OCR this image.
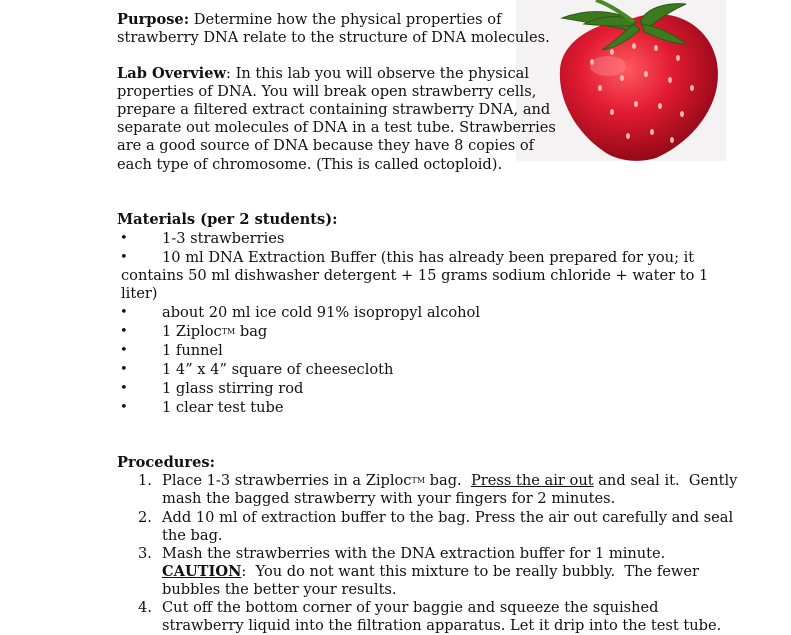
Purpose: Determine how the physical properties of
strawberry DNA relate to the structure of DNA molecules.
Lab Overview: In this lab you will observe the physical
properties of DNA. You will break open strawberry cells,
prepare a filtered extract containing strawberry DNA, and
separate out molecules of DNA in a test tube. Strawberries
are a good source of DNA because they have 8 copies of
each type of chromosome. (This is called octoploid).
Materials (per 2 students):
• 1-3 strawberries
• 10 ml DNA Extraction Buffer (this has already been prepared for you; it
contains 50 ml dishwasher detergent + 15 grams sodium chloride + water to 1
liter)
• about 20 ml ice cold 91% isopropyl alcohol
• 1 ZiplocTM bag
• 1 funnel
• 1 4” x 4” square of cheesecloth
• 1 glass stirring rod
• 1 clear test tube
Procedures:
1. Place 1-3 strawberries in a ZiplocTM bag.  Press the air out and seal it.  Gently
mash the bagged strawberry with your fingers for 2 minutes.
2. Add 10 ml of extraction buffer to the bag. Press the air out carefully and seal
the bag.
3. Mash the strawberries with the DNA extraction buffer for 1 minute.
CAUTION:  You do not want this mixture to be really bubbly.  The fewer
bubbles the better your results.
4. Cut off the bottom corner of your baggie and squeeze the squished
strawberry liquid into the filtration apparatus. Let it drip into the test tube.
